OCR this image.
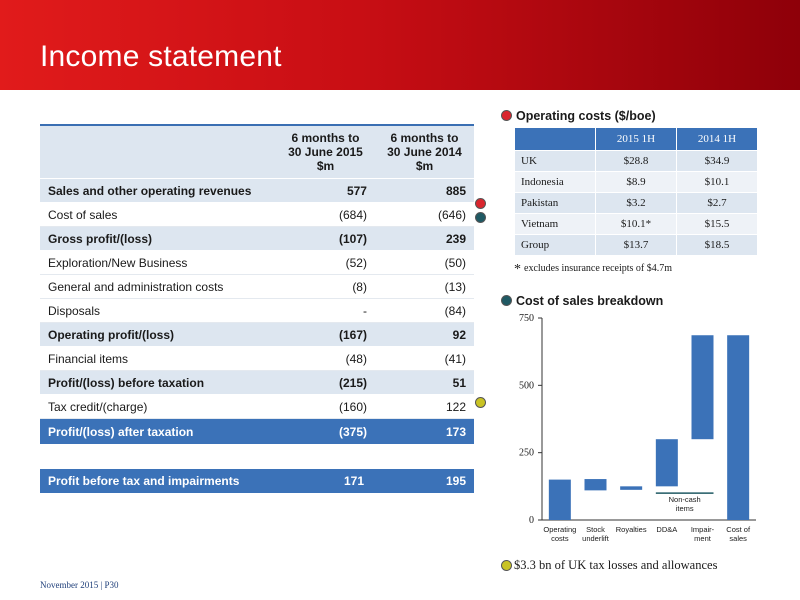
Income statement
	6 months to
30 June 2015
$m	6 months to
30 June 2014
$m
Sales and other operating revenues	577	885
Cost of sales	(684)	(646)
Gross profit/(loss)	(107)	239
Exploration/New Business	(52)	(50)
General and administration costs	(8)	(13)
Disposals	-	(84)
Operating profit/(loss)	(167)	92
Financial items	(48)	(41)
Profit/(loss) before taxation	(215)	51
Tax credit/(charge)	(160)	122
Profit/(loss) after taxation	(375)	173
Profit before tax and impairments	171	195
Operating costs ($/boe)
	2015 1H	2014 1H
UK	$28.8	$34.9
Indonesia	$8.9	$10.1
Pakistan	$3.2	$2.7
Vietnam	$10.1*	$15.5
Group	$13.7	$18.5
* excludes insurance receipts of $4.7m
Cost of sales breakdown
0
250
500
750
Operating
costs
Stock
underlift
Royalties DD&A Impair-
ment
Cost of
sales
Non-cash
items
$3.3 bn of UK tax losses and allowances
November 2015 | P30
